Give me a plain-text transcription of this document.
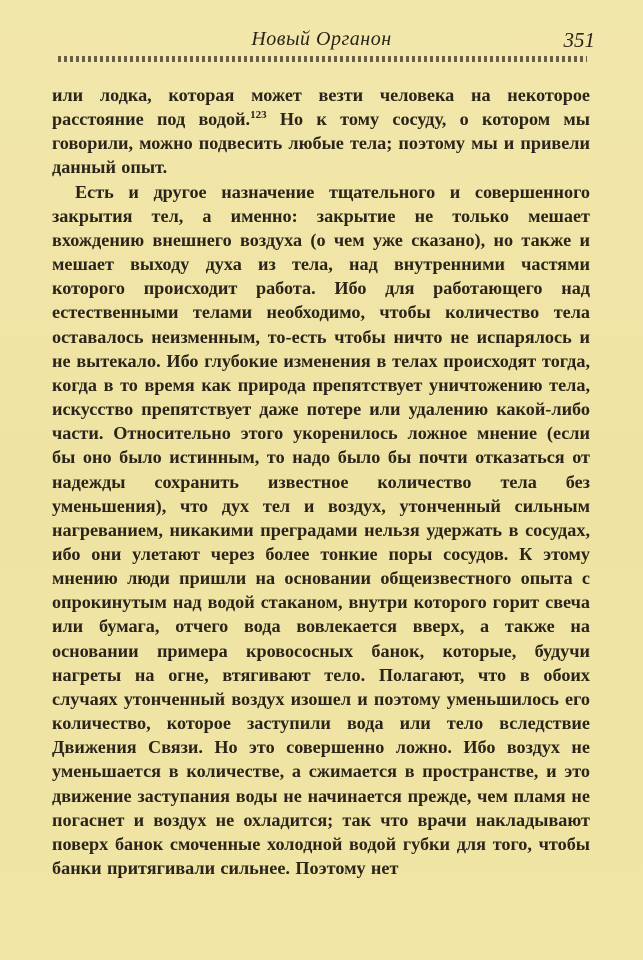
Новый Органон	351

или лодка, которая может везти человека на некоторое расстояние под водой.$^{123}$ Но к тому сосуду, о котором мы говорили, можно подвесить любые тела; поэтому мы и привели данный опыт.

Есть и другое назначение тщательного и совершенного закрытия тел, а именно: закрытие не только мешает вхождению внешнего воздуха (о чем уже сказано), но также и мешает выходу духа из тела, над внутренними частями которого происходит работа. Ибо для работающего над естественными телами необходимо, чтобы количество тела оставалось неизменным, то-есть чтобы ничто не испарялось и не вытекало. Ибо глубокие изменения в телах происходят тогда, когда в то время как природа препятствует уничтожению тела, искусство препятствует даже потере или удалению какой-либо части. Относительно этого укоренилось ложное мнение (если бы оно было истинным, то надо было бы почти отказаться от надежды сохранить известное количество тела без уменьшения), что дух тел и воздух, утонченный сильным нагреванием, никакими преградами нельзя удержать в сосудах, ибо они улетают через более тонкие поры сосудов. К этому мнению люди пришли на основании общеизвестного опыта с опрокинутым над водой стаканом, внутри которого горит свеча или бумага, отчего вода вовлекается вверх, а также на основании примера кровососных банок, которые, будучи нагреты на огне, втягивают тело. Полагают, что в обоих случаях утонченный воздух изошел и поэтому уменьшилось его количество, которое заступили вода или тело вследствие Движения Связи. Но это совершенно ложно. Ибо воздух не уменьшается в количестве, а сжимается в пространстве, и это движение заступания воды не начинается прежде, чем пламя не погаснет и воздух не охладится; так что врачи накладывают поверх банок смоченные холодной водой губки для того, чтобы банки притягивали сильнее. Поэтому нет
